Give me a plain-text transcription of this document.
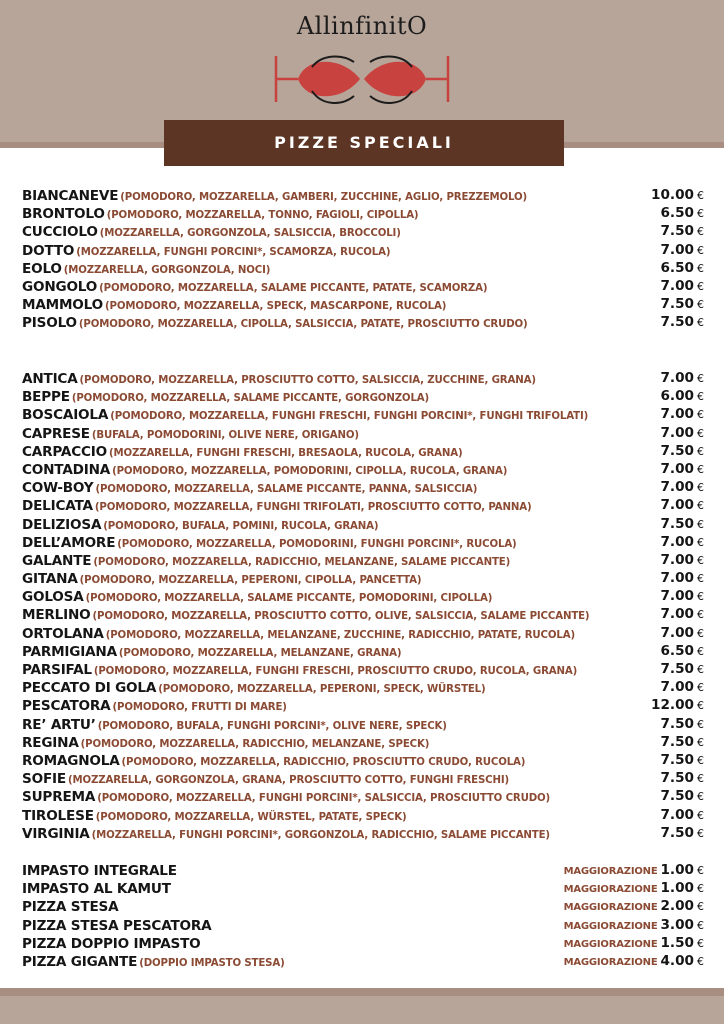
AllinfinitO
PIZZE SPECIALI
BIANCANEVE (POMODORO, MOZZARELLA, GAMBERI, ZUCCHINE, AGLIO, PREZZEMOLO)	10.00 €
BRONTOLO (POMODORO, MOZZARELLA, TONNO, FAGIOLI, CIPOLLA)	6.50 €
CUCCIOLO (MOZZARELLA, GORGONZOLA, SALSICCIA, BROCCOLI)	7.50 €
DOTTO (MOZZARELLA, FUNGHI PORCINI*, SCAMORZA, RUCOLA)	7.00 €
EOLO (MOZZARELLA, GORGONZOLA, NOCI)	6.50 €
GONGOLO (POMODORO, MOZZARELLA, SALAME PICCANTE, PATATE, SCAMORZA)	7.00 €
MAMMOLO (POMODORO, MOZZARELLA, SPECK, MASCARPONE, RUCOLA)	7.50 €
PISOLO (POMODORO, MOZZARELLA, CIPOLLA, SALSICCIA, PATATE, PROSCIUTTO CRUDO)	7.50 €
ANTICA (POMODORO, MOZZARELLA, PROSCIUTTO COTTO, SALSICCIA, ZUCCHINE, GRANA)	7.00 €
BEPPE (POMODORO, MOZZARELLA, SALAME PICCANTE, GORGONZOLA)	6.00 €
BOSCAIOLA (POMODORO, MOZZARELLA, FUNGHI FRESCHI, FUNGHI PORCINI*, FUNGHI TRIFOLATI)	7.00 €
CAPRESE (BUFALA, POMODORINI, OLIVE NERE, ORIGANO)	7.00 €
CARPACCIO (MOZZARELLA, FUNGHI FRESCHI, BRESAOLA, RUCOLA, GRANA)	7.50 €
CONTADINA (POMODORO, MOZZARELLA, POMODORINI, CIPOLLA, RUCOLA, GRANA)	7.00 €
COW-BOY (POMODORO, MOZZARELLA, SALAME PICCANTE, PANNA, SALSICCIA)	7.00 €
DELICATA (POMODORO, MOZZARELLA, FUNGHI TRIFOLATI, PROSCIUTTO COTTO, PANNA)	7.00 €
DELIZIOSA (POMODORO, BUFALA, POMINI, RUCOLA, GRANA)	7.50 €
DELL’AMORE (POMODORO, MOZZARELLA, POMODORINI, FUNGHI PORCINI*, RUCOLA)	7.00 €
GALANTE (POMODORO, MOZZARELLA, RADICCHIO, MELANZANE, SALAME PICCANTE)	7.00 €
GITANA (POMODORO, MOZZARELLA, PEPERONI, CIPOLLA, PANCETTA)	7.00 €
GOLOSA (POMODORO, MOZZARELLA, SALAME PICCANTE, POMODORINI, CIPOLLA)	7.00 €
MERLINO (POMODORO, MOZZARELLA, PROSCIUTTO COTTO, OLIVE, SALSICCIA, SALAME PICCANTE)	7.00 €
ORTOLANA (POMODORO, MOZZARELLA, MELANZANE, ZUCCHINE, RADICCHIO, PATATE, RUCOLA)	7.00 €
PARMIGIANA (POMODORO, MOZZARELLA, MELANZANE, GRANA)	6.50 €
PARSIFAL (POMODORO, MOZZARELLA, FUNGHI FRESCHI, PROSCIUTTO CRUDO, RUCOLA, GRANA)	7.50 €
PECCATO DI GOLA (POMODORO, MOZZARELLA, PEPERONI, SPECK, WÜRSTEL)	7.00 €
PESCATORA (POMODORO, FRUTTI DI MARE)	12.00 €
RE’ ARTU’ (POMODORO, BUFALA, FUNGHI PORCINI*, OLIVE NERE, SPECK)	7.50 €
REGINA (POMODORO, MOZZARELLA, RADICCHIO, MELANZANE, SPECK)	7.50 €
ROMAGNOLA (POMODORO, MOZZARELLA, RADICCHIO, PROSCIUTTO CRUDO, RUCOLA)	7.50 €
SOFIE (MOZZARELLA, GORGONZOLA, GRANA, PROSCIUTTO COTTO, FUNGHI FRESCHI)	7.50 €
SUPREMA (POMODORO, MOZZARELLA, FUNGHI PORCINI*, SALSICCIA, PROSCIUTTO CRUDO)	7.50 €
TIROLESE (POMODORO, MOZZARELLA, WÜRSTEL, PATATE, SPECK)	7.00 €
VIRGINIA (MOZZARELLA, FUNGHI PORCINI*, GORGONZOLA, RADICCHIO, SALAME PICCANTE)	7.50 €
IMPASTO INTEGRALE	MAGGIORAZIONE 1.00 €
IMPASTO AL KAMUT	MAGGIORAZIONE 1.00 €
PIZZA STESA	MAGGIORAZIONE 2.00 €
PIZZA STESA PESCATORA	MAGGIORAZIONE 3.00 €
PIZZA DOPPIO IMPASTO	MAGGIORAZIONE 1.50 €
PIZZA GIGANTE (DOPPIO IMPASTO STESA)	MAGGIORAZIONE 4.00 €
